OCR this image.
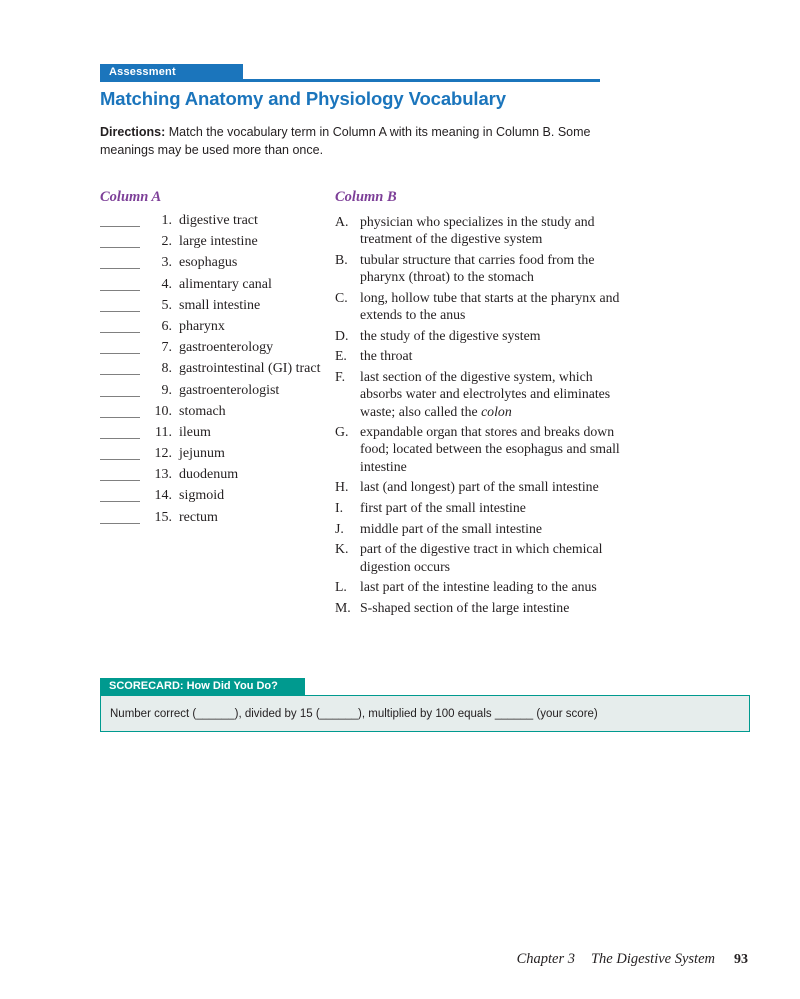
Assessment
Matching Anatomy and Physiology Vocabulary

Directions: Match the vocabulary term in Column A with its meaning in Column B. Some meanings may be used more than once.

Column A
1. digestive tract
2. large intestine
3. esophagus
4. alimentary canal
5. small intestine
6. pharynx
7. gastroenterology
8. gastrointestinal (GI) tract
9. gastroenterologist
10. stomach
11. ileum
12. jejunum
13. duodenum
14. sigmoid
15. rectum
Column B
A. physician who specializes in the study and treatment of the digestive system
B. tubular structure that carries food from the pharynx (throat) to the stomach
C. long, hollow tube that starts at the pharynx and extends to the anus
D. the study of the digestive system
E. the throat
F.	last section of the digestive system, which absorbs water and electrolytes and eliminates waste; also called the colon
G. expandable organ that stores and breaks down food; located between the esophagus and small intestine
H. last (and longest) part of the small intestine
I.	first part of the small intestine
J.	middle part of the small intestine
K. part of the digestive tract in which chemical digestion occurs
L. last part of the intestine leading to the anus
M. S-shaped section of the large intestine
SCORECARD: How Did You Do?
Number correct (______), divided by 15 (______), multiplied by 100 equals ______ (your score)
Chapter 3 The Digestive System 93
